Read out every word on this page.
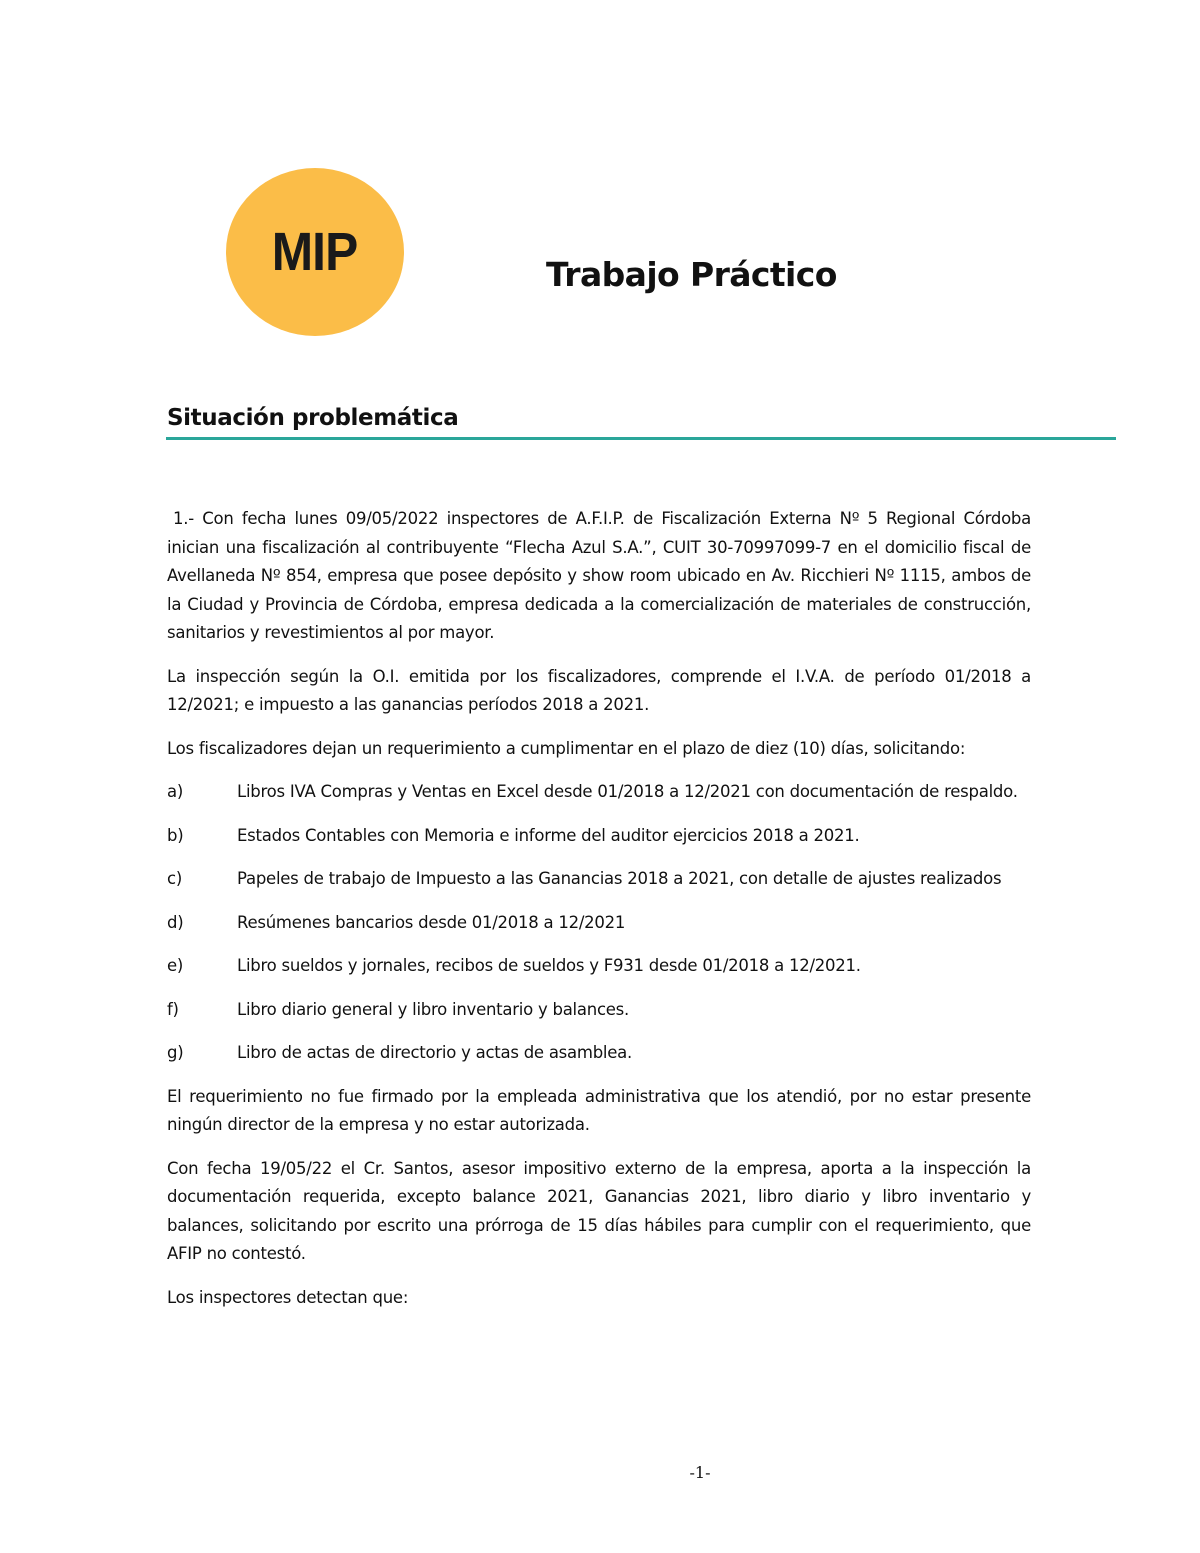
MIP	Trabajo Práctico
Situación problemática

1.- Con fecha lunes 09/05/2022 inspectores de A.F.I.P. de Fiscalización Externa Nº 5 Regional Córdoba inician una fiscalización al contribuyente “Flecha Azul S.A.”, CUIT 30-70997099-7 en el domicilio fiscal de Avellaneda Nº 854, empresa que posee depósito y show room ubicado en Av. Ricchieri Nº 1115, ambos de la Ciudad y Provincia de Córdoba, empresa dedicada a la comercialización de materiales de construcción, sanitarios y revestimientos al por mayor.

La inspección según la O.I. emitida por los fiscalizadores, comprende el I.V.A. de período 01/2018 a 12/2021; e impuesto a las ganancias períodos 2018 a 2021.

Los fiscalizadores dejan un requerimiento a cumplimentar en el plazo de diez (10) días, solicitando:

a)	Libros IVA Compras y Ventas en Excel desde 01/2018 a 12/2021 con documentación de respaldo.
b)	Estados Contables con Memoria e informe del auditor ejercicios 2018 a 2021.
c)	Papeles de trabajo de Impuesto a las Ganancias 2018 a 2021, con detalle de ajustes realizados
d)	Resúmenes bancarios desde 01/2018 a 12/2021
e)	Libro sueldos y jornales, recibos de sueldos y F931 desde 01/2018 a 12/2021.
f)	Libro diario general y libro inventario y balances.
g)	Libro de actas de directorio y actas de asamblea.

El requerimiento no fue firmado por la empleada administrativa que los atendió, por no estar presente ningún director de la empresa y no estar autorizada.

Con fecha 19/05/22 el Cr. Santos, asesor impositivo externo de la empresa, aporta a la inspección la documentación requerida, excepto balance 2021, Ganancias 2021, libro diario y libro inventario y balances, solicitando por escrito una prórroga de 15 días hábiles para cumplir con el requerimiento, que AFIP no contestó.

Los inspectores detectan que:

-1-
